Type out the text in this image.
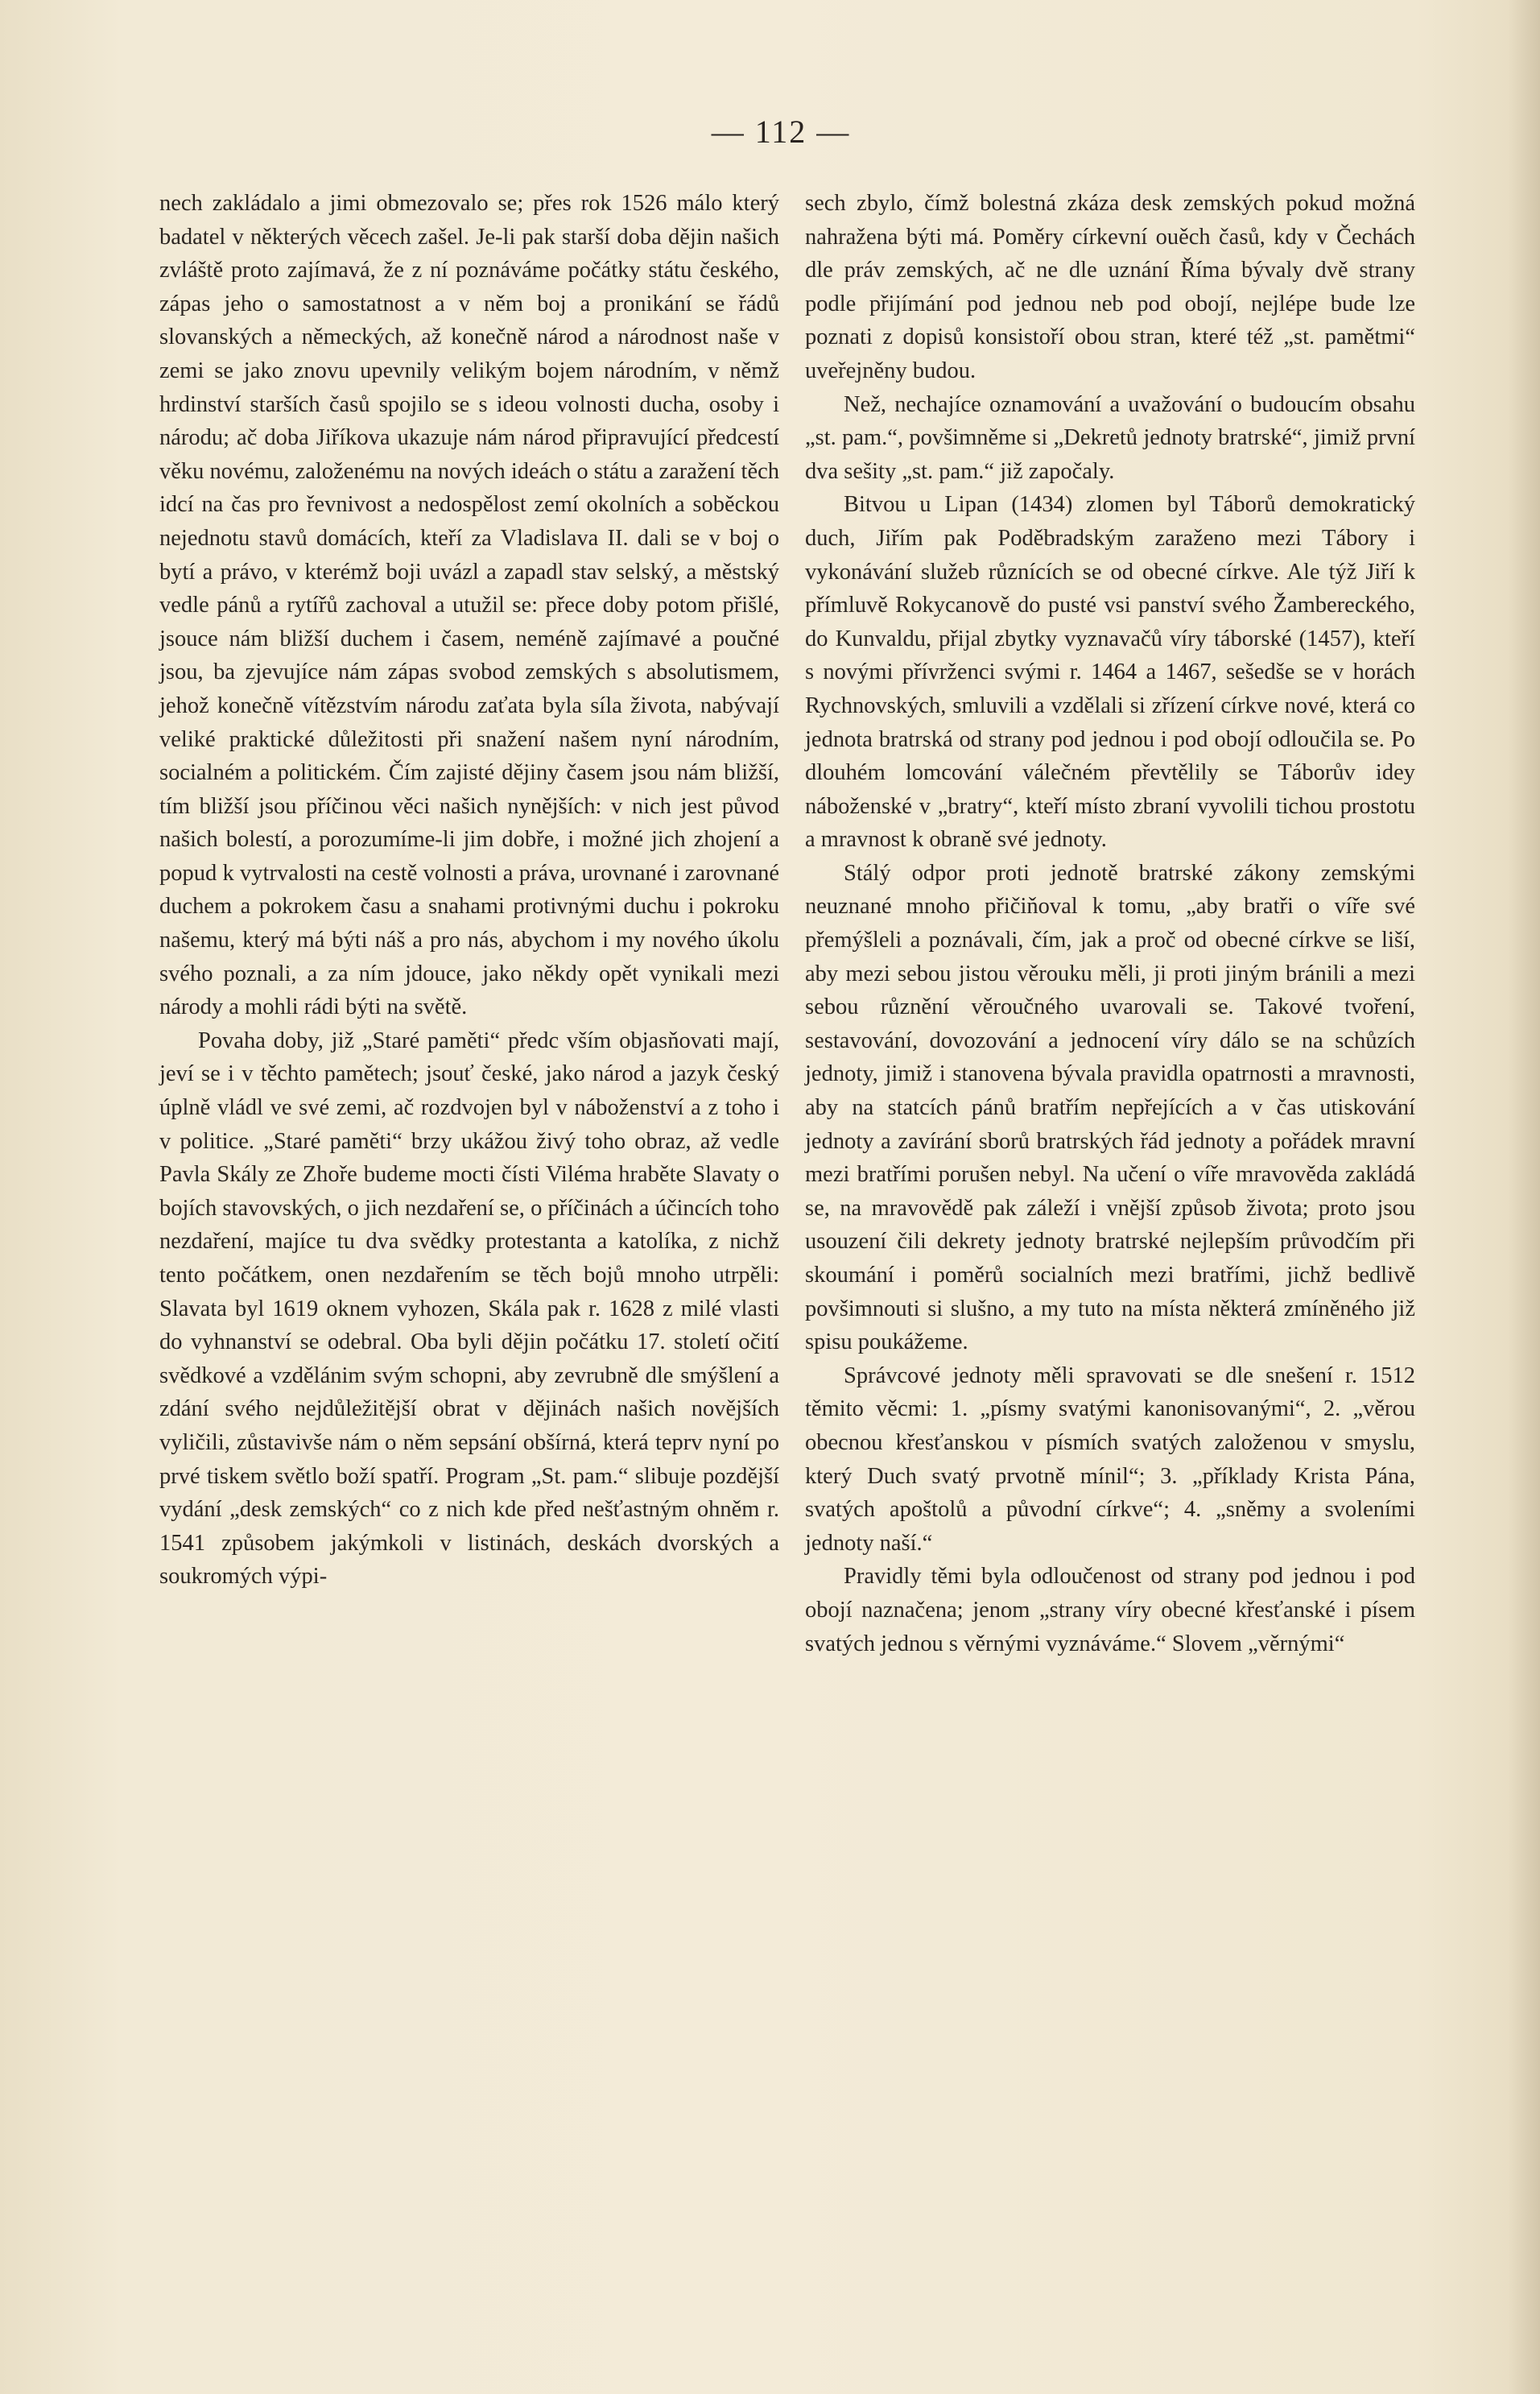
— 112 —

nech zakládalo a jimi obmezovalo se; přes rok 1526 málo který badatel v některých věcech zašel. Je-li pak starší doba dějin našich zvláště proto zajímavá, že z ní poznáváme počátky státu českého, zápas jeho o samostatnost a v něm boj a pronikání se řádů slovanských a německých, až konečně národ a národnost naše v zemi se jako znovu upevnily velikým bojem národním, v němž hrdinství starších časů spojilo se s ideou volnosti ducha, osoby i národu; ač doba Jiříkova ukazuje nám národ připravující předcestí věku novému, založenému na nových ideách o státu a zaražení těch idcí na čas pro řevnivost a nedospělost zemí okolních a soběckou nejednotu stavů domácích, kteří za Vladislava II. dali se v boj o bytí a právo, v kterémž boji uvázl a zapadl stav selský, a městský vedle pánů a rytířů zachoval a utužil se: přece doby potom přišlé, jsouce nám bližší duchem i časem, neméně zajímavé a poučné jsou, ba zjevujíce nám zápas svobod zemských s absolutismem, jehož konečně vítězstvím národu zaťata byla síla života, nabývají veliké praktické důležitosti při snažení našem nyní národním, socialném a politickém. Čím zajisté dějiny časem jsou nám bližší, tím bližší jsou příčinou věci našich nynějších: v nich jest původ našich bolestí, a porozumíme-li jim dobře, i možné jich zhojení a popud k vytrvalosti na cestě volnosti a práva, urovnané i zarovnané duchem a pokrokem času a snahami protivnými duchu i pokroku našemu, který má býti náš a pro nás, abychom i my nového úkolu svého poznali, a za ním jdouce, jako někdy opět vynikali mezi národy a mohli rádi býti na světě.

Povaha doby, již „Staré paměti“ předc vším objasňovati mají, jeví se i v těchto pamětech; jsouť české, jako národ a jazyk český úplně vládl ve své zemi, ač rozdvojen byl v náboženství a z toho i v politice. „Staré paměti“ brzy ukážou živý toho obraz, až vedle Pavla Skály ze Zhoře budeme mocti čísti Viléma hraběte Slavaty o bojích stavovských, o jich nezdaření se, o příčinách a účincích toho nezdaření, majíce tu dva svědky protestanta a katolíka, z nichž tento počátkem, onen nezdařením se těch bojů mnoho utrpěli: Slavata byl 1619 oknem vyhozen, Skála pak r. 1628 z milé vlasti do vyhnanství se odebral. Oba byli dějin počátku 17. století očití svědkové a vzdělánim svým schopni, aby zevrubně dle smýšlení a zdání svého nejdůležitější obrat v dějinách našich novějších vyličili, zůstavivše nám o něm sepsání obšírná, která teprv nyní po prvé tiskem světlo boží spatří. Program „St. pam.“ slibuje pozdější vydání „desk zemských“ co z nich kde před nešťastným ohněm r. 1541 způsobem jakýmkoli v listinách, deskách dvorských a soukromých výpi-

sech zbylo, čímž bolestná zkáza desk zemských pokud možná nahražena býti má. Poměry církevní ouěch časů, kdy v Čechách dle práv zemských, ač ne dle uznání Říma bývaly dvě strany podle přijímání pod jednou neb pod obojí, nejlépe bude lze poznati z dopisů konsistoří obou stran, které též „st. pamětmi“ uveřejněny budou.

Než, nechajíce oznamování a uvažování o budoucím obsahu „st. pam.“, povšimněme si „Dekretů jednoty bratrské“, jimiž první dva sešity „st. pam.“ již započaly.

Bitvou u Lipan (1434) zlomen byl Táborů demokratický duch, Jiřím pak Poděbradským zaraženo mezi Tábory i vykonávání služeb různících se od obecné církve. Ale týž Jiří k přímluvě Rokycanově do pusté vsi panství svého Žambereckého, do Kunvaldu, přijal zbytky vyznavačů víry táborské (1457), kteří s novými přívrženci svými r. 1464 a 1467, sešedše se v horách Rychnovských, smluvili a vzdělali si zřízení církve nové, která co jednota bratrská od strany pod jednou i pod obojí odloučila se. Po dlouhém lomcování válečném převtělily se Táborův idey náboženské v „bratry“, kteří místo zbraní vyvolili tichou prostotu a mravnost k obraně své jednoty.

Stálý odpor proti jednotě bratrské zákony zemskými neuznané mnoho přičiňoval k tomu, „aby bratři o víře své přemýšleli a poznávali, čím, jak a proč od obecné církve se liší, aby mezi sebou jistou věrouku měli, ji proti jiným bránili a mezi sebou různění věroučného uvarovali se. Takové tvoření, sestavování, dovozování a jednocení víry dálo se na schůzích jednoty, jimiž i stanovena bývala pravidla opatrnosti a mravnosti, aby na statcích pánů bratřím nepřejících a v čas utiskování jednoty a zavírání sborů bratrských řád jednoty a pořádek mravní mezi bratřími porušen nebyl. Na učení o víře mravověda zakládá se, na mravovědě pak záleží i vnější způsob života; proto jsou usouzení čili dekrety jednoty bratrské nejlepším průvodčím při skoumání i poměrů socialních mezi bratřími, jichž bedlivě povšimnouti si slušno, a my tuto na místa některá zmíněného již spisu poukážeme.

Správcové jednoty měli spravovati se dle snešení r. 1512 těmito věcmi: 1. „písmy svatými kanonisovanými“, 2. „věrou obecnou křesťanskou v písmích svatých založenou v smyslu, který Duch svatý prvotně mínil“; 3. „příklady Krista Pána, svatých apoštolů a původní církve“; 4. „sněmy a svoleními jednoty naší.“

Pravidly těmi byla odloučenost od strany pod jednou i pod obojí naznačena; jenom „strany víry obecné křesťanské i písem svatých jednou s věrnými vyznáváme.“ Slovem „věrnými“
